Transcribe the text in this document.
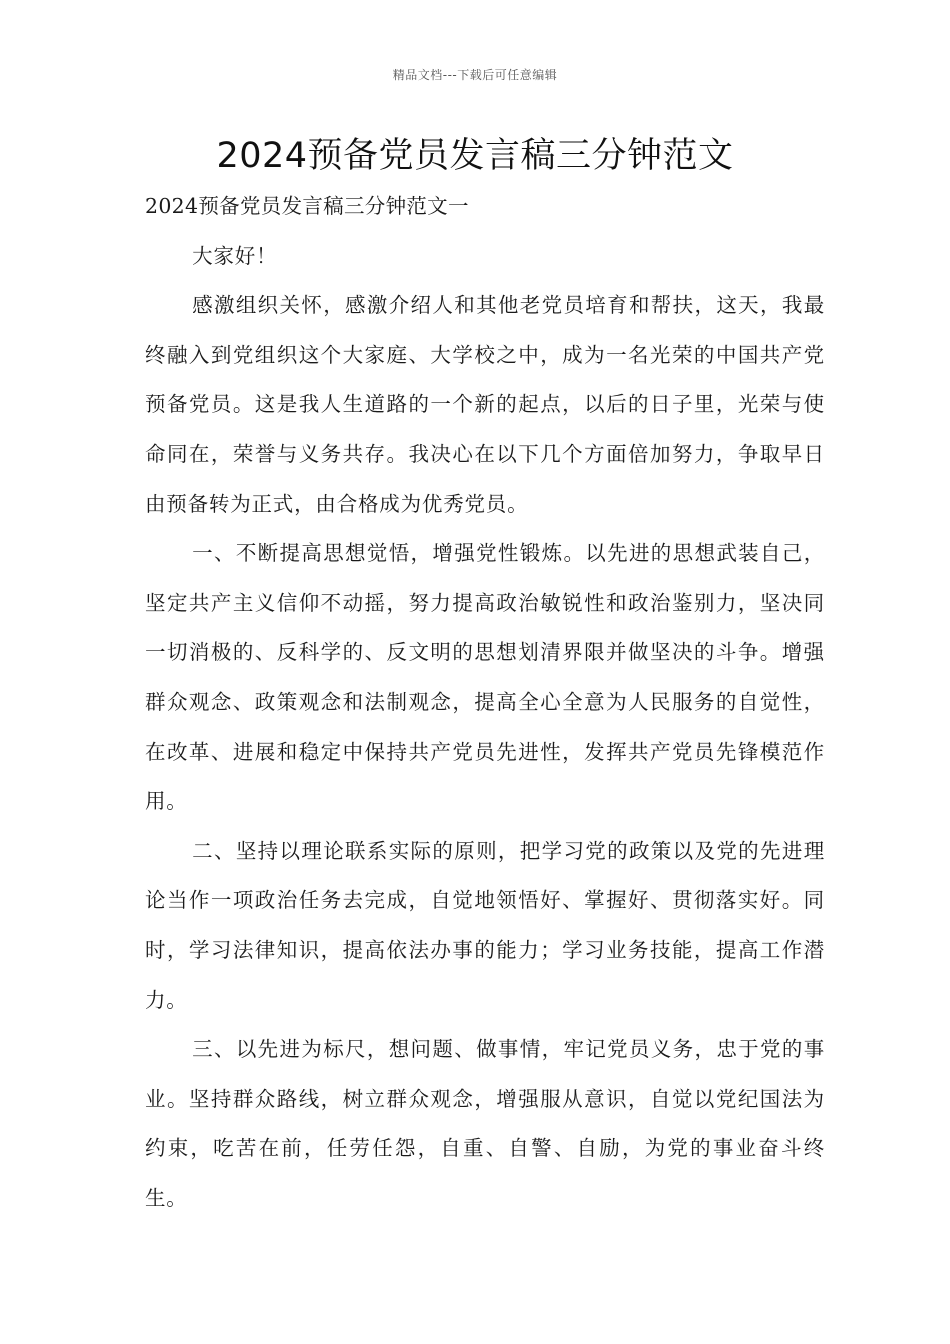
精品文档---下载后可任意编辑
2024预备党员发言稿三分钟范文

2024预备党员发言稿三分钟范文一

大家好！

感激组织关怀，感激介绍人和其他老党员培育和帮扶，这天，我最终融入到党组织这个大家庭、大学校之中，成为一名光荣的中国共产党预备党员。这是我人生道路的一个新的起点，以后的日子里，光荣与使命同在，荣誉与义务共存。我决心在以下几个方面倍加努力，争取早日由预备转为正式，由合格成为优秀党员。

一、不断提高思想觉悟，增强党性锻炼。以先进的思想武装自己，坚定共产主义信仰不动摇，努力提高政治敏锐性和政治鉴别力，坚决同一切消极的、反科学的、反文明的思想划清界限并做坚决的斗争。增强群众观念、政策观念和法制观念，提高全心全意为人民服务的自觉性，在改革、进展和稳定中保持共产党员先进性，发挥共产党员先锋模范作用。

二、坚持以理论联系实际的原则，把学习党的政策以及党的先进理论当作一项政治任务去完成，自觉地领悟好、掌握好、贯彻落实好。同时，学习法律知识，提高依法办事的能力；学习业务技能，提高工作潜力。

三、以先进为标尺，想问题、做事情，牢记党员义务，忠于党的事业。坚持群众路线，树立群众观念，增强服从意识，自觉以党纪国法为约束，吃苦在前，任劳任怨，自重、自警、自励，为党的事业奋斗终生。
